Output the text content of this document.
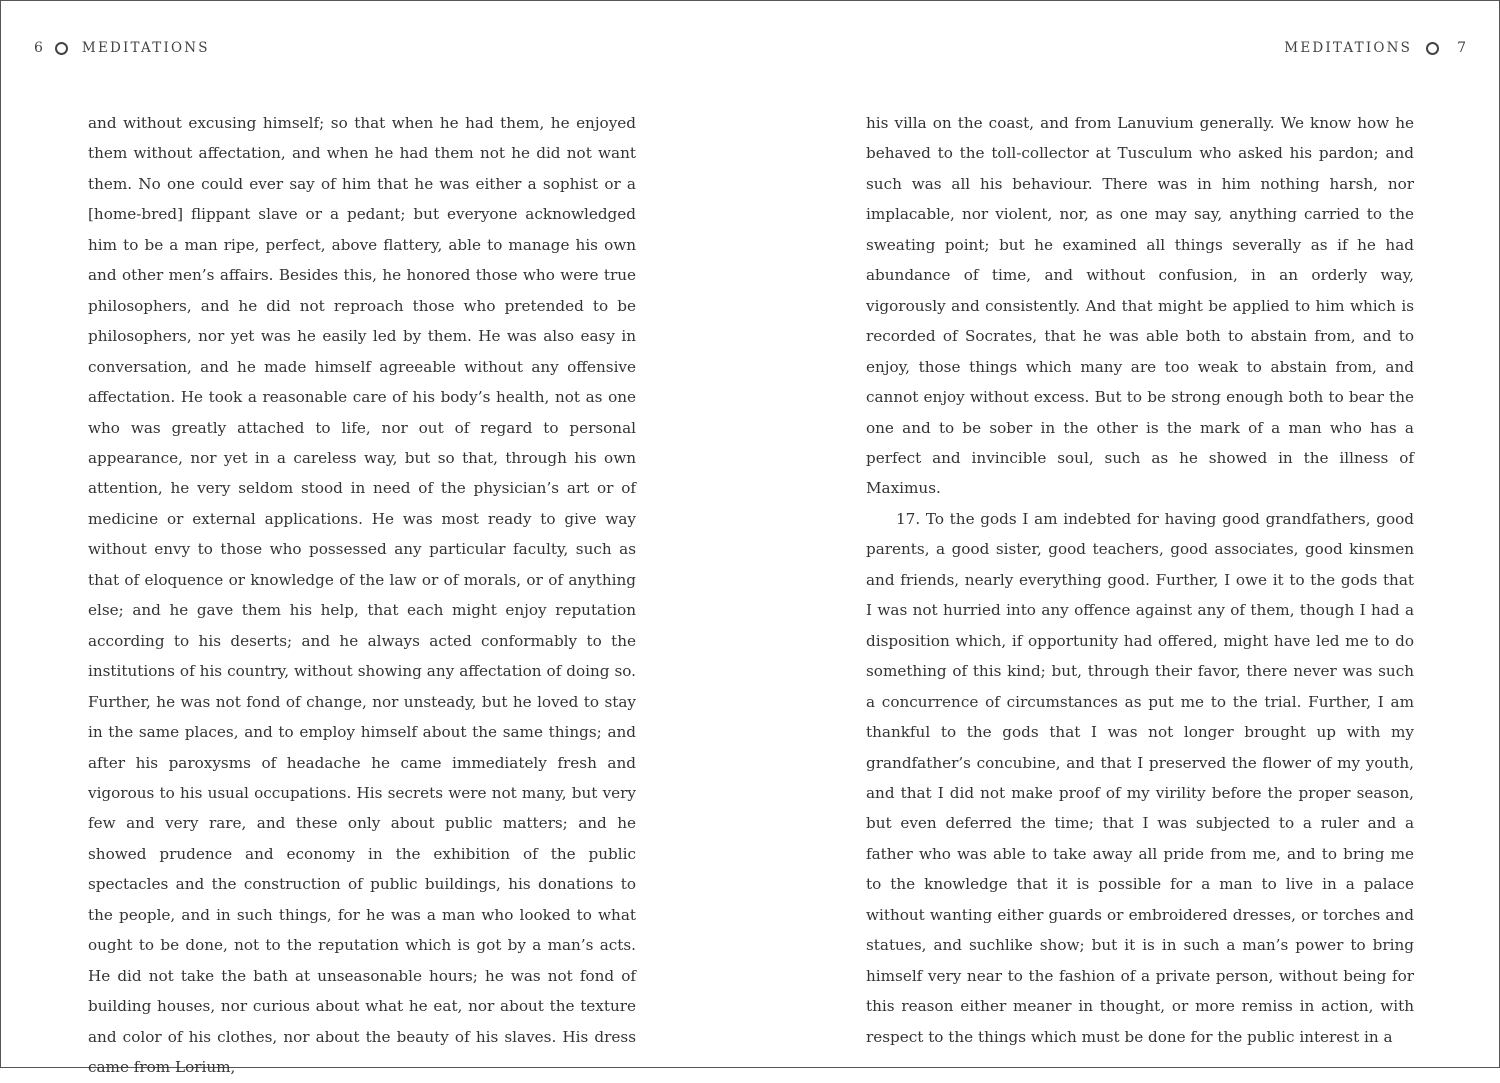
6	MEDITATIONS

and without excusing himself; so that when he had them, he enjoyed them without affectation, and when he had them not he did not want them. No one could ever say of him that he was either a sophist or a [home-bred] flippant slave or a pedant; but everyone acknowledged him to be a man ripe, perfect, above flattery, able to manage his own and other men’s affairs. Besides this, he honored those who were true philosophers, and he did not reproach those who pretended to be philosophers, nor yet was he easily led by them. He was also easy in conversation, and he made himself agreeable without any offensive affectation. He took a reasonable care of his body’s health, not as one who was greatly attached to life, nor out of regard to personal appearance, nor yet in a careless way, but so that, through his own attention, he very seldom stood in need of the physician’s art or of medicine or external applications. He was most ready to give way without envy to those who possessed any particular faculty, such as that of eloquence or knowledge of the law or of morals, or of anything else; and he gave them his help, that each might enjoy reputation according to his deserts; and he always acted conformably to the institutions of his country, without showing any affectation of doing so. Further, he was not fond of change, nor unsteady, but he loved to stay in the same places, and to employ himself about the same things; and after his paroxysms of headache he came immediately fresh and vigorous to his usual occupations. His secrets were not many, but very few and very rare, and these only about public matters; and he showed prudence and economy in the exhibition of the public spectacles and the construction of public buildings, his donations to the people, and in such things, for he was a man who looked to what ought to be done, not to the reputation which is got by a man’s acts. He did not take the bath at unseasonable hours; he was not fond of building houses, nor curious about what he eat, nor about the texture and color of his clothes, nor about the beauty of his slaves. His dress came from Lorium,

MEDITATIONS	7

his villa on the coast, and from Lanuvium generally. We know how he behaved to the toll-collector at Tusculum who asked his pardon; and such was all his behaviour. There was in him nothing harsh, nor implacable, nor violent, nor, as one may say, anything carried to the sweating point; but he examined all things severally as if he had abundance of time, and without confusion, in an orderly way, vigorously and consistently. And that might be applied to him which is recorded of Socrates, that he was able both to abstain from, and to enjoy, those things which many are too weak to abstain from, and cannot enjoy without excess. But to be strong enough both to bear the one and to be sober in the other is the mark of a man who has a perfect and invincible soul, such as he showed in the illness of Maximus.

17. To the gods I am indebted for having good grandfathers, good parents, a good sister, good teachers, good associates, good kinsmen and friends, nearly everything good. Further, I owe it to the gods that I was not hurried into any offence against any of them, though I had a disposition which, if opportunity had offered, might have led me to do something of this kind; but, through their favor, there never was such a concurrence of circumstances as put me to the trial. Further, I am thankful to the gods that I was not longer brought up with my grandfather’s concubine, and that I preserved the flower of my youth, and that I did not make proof of my virility before the proper season, but even deferred the time; that I was subjected to a ruler and a father who was able to take away all pride from me, and to bring me to the knowledge that it is possible for a man to live in a palace without wanting either guards or embroidered dresses, or torches and statues, and suchlike show; but it is in such a man’s power to bring himself very near to the fashion of a private person, without being for this reason either meaner in thought, or more remiss in action, with respect to the things which must be done for the public interest in a
